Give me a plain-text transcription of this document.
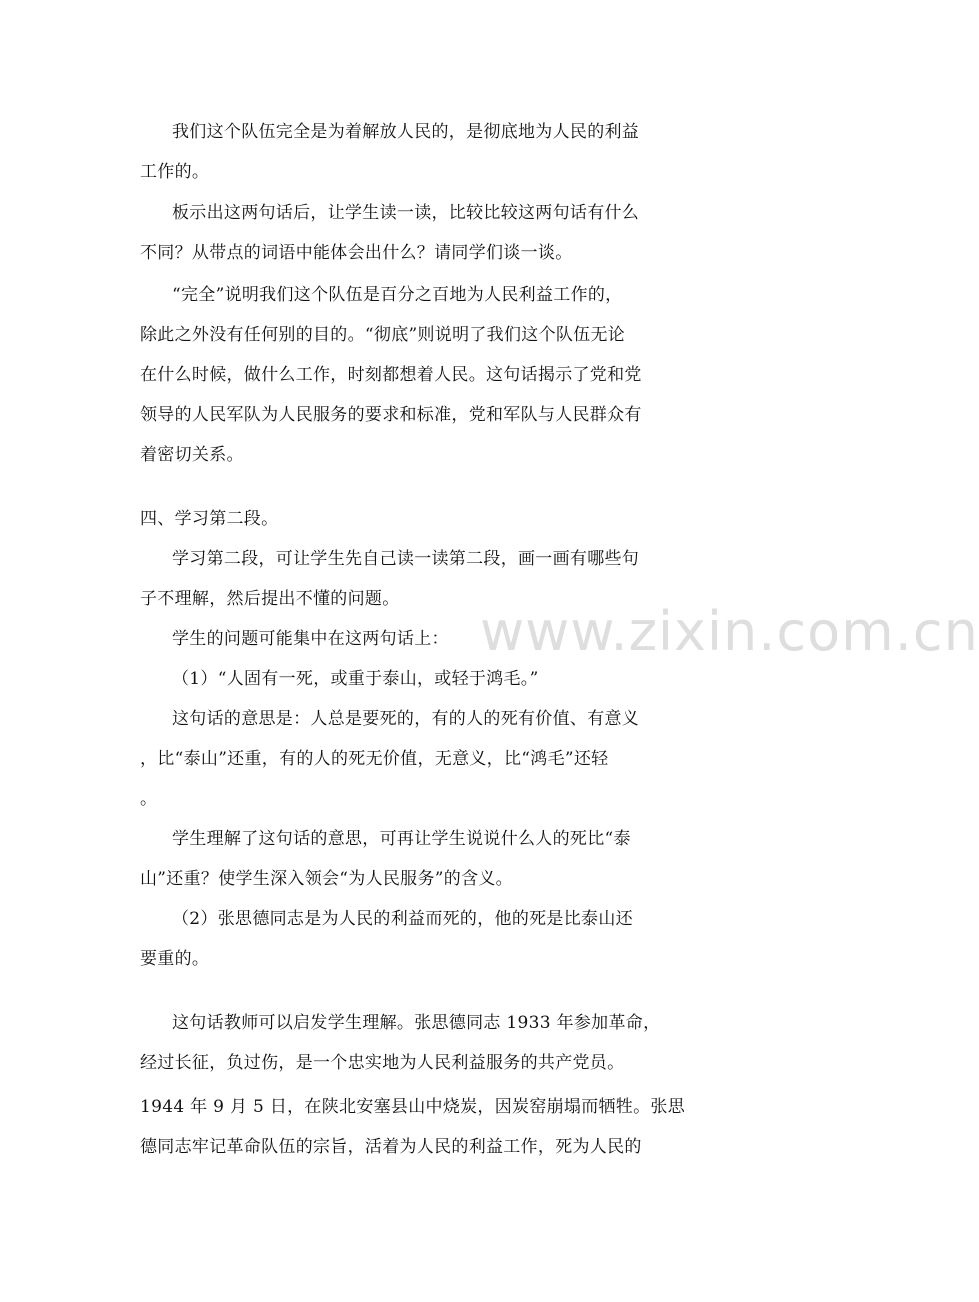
我们这个队伍完全是为着解放人民的，是彻底地为人民的利益
工作的。
板示出这两句话后，让学生读一读，比较比较这两句话有什么
不同？从带点的词语中能体会出什么？请同学们谈一谈。
“完全”说明我们这个队伍是百分之百地为人民利益工作的，
除此之外没有任何别的目的。“彻底”则说明了我们这个队伍无论
在什么时候，做什么工作，时刻都想着人民。这句话揭示了党和党
领导的人民军队为人民服务的要求和标准，党和军队与人民群众有
着密切关系。
四、学习第二段。
学习第二段，可让学生先自己读一读第二段，画一画有哪些句
子不理解，然后提出不懂的问题。
学生的问题可能集中在这两句话上：
（1）“人固有一死，或重于泰山，或轻于鸿毛。”
这句话的意思是：人总是要死的，有的人的死有价值、有意义
，比“泰山”还重，有的人的死无价值，无意义，比“鸿毛”还轻
。
学生理解了这句话的意思，可再让学生说说什么人的死比“泰
山”还重？使学生深入领会“为人民服务”的含义。
（2）张思德同志是为人民的利益而死的，他的死是比泰山还
要重的。
这句话教师可以启发学生理解。张思德同志 1933 年参加革命，
经过长征，负过伤，是一个忠实地为人民利益服务的共产党员。
1944 年 9 月 5 日，在陕北安塞县山中烧炭，因炭窑崩塌而牺牲。张思
德同志牢记革命队伍的宗旨，活着为人民的利益工作，死为人民的
www.zixin.com.cn
